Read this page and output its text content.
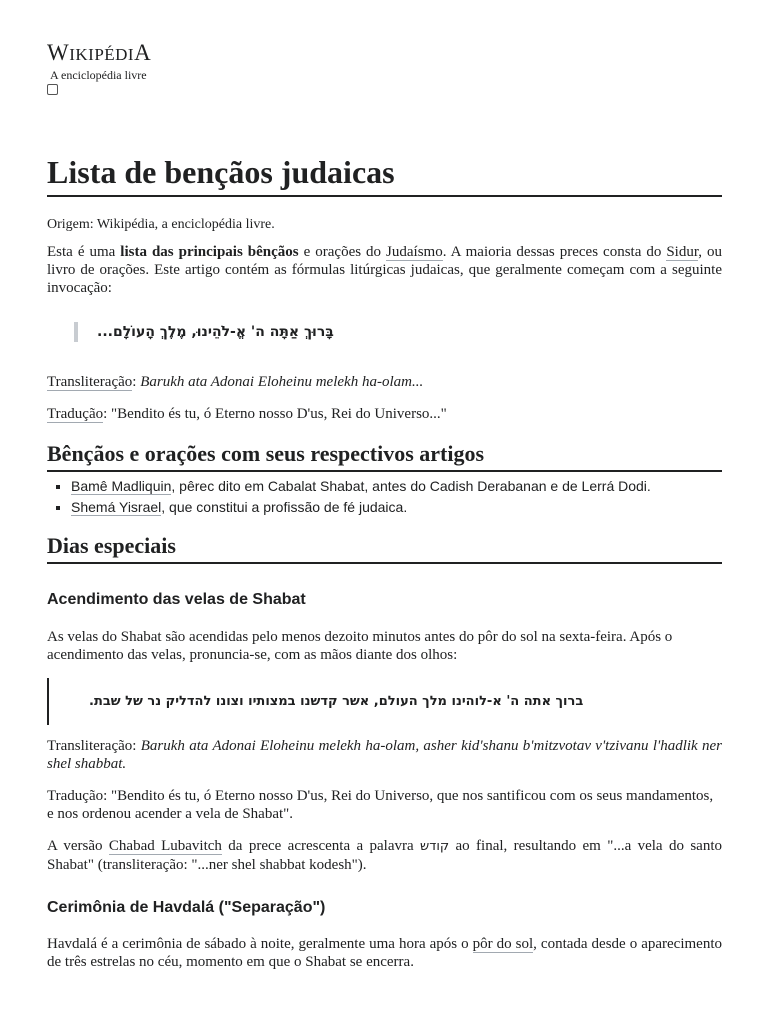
WIKIPÉDIA
A enciclopédia livre
Lista de bençãos judaicas

Origem: Wikipédia, a enciclopédia livre.

Esta é uma lista das principais bênçãos e orações do Judaísmo. A maioria dessas preces consta do Sidur, ou livro de orações. Este artigo contém as fórmulas litúrgicas judaicas, que geralmente começam com a seguinte invocação:

...בָּרוּךְ אַתָּה ה' אֱ-לֹהֵינוּ, מֶלֶךְ הָעוֹלָם

Transliteração: Barukh ata Adonai Eloheinu melekh ha-olam...

Tradução: "Bendito és tu, ó Eterno nosso D'us, Rei do Universo..."

Bênçãos e orações com seus respectivos artigos
▪ Bamê Madliquin, pêrec dito em Cabalat Shabat, antes do Cadish Derabanan e de Lerrá Dodi.
▪ Shemá Yisrael, que constitui a profissão de fé judaica.
Dias especiais
Acendimento das velas de Shabat

As velas do Shabat são acendidas pelo menos dezoito minutos antes do pôr do sol na sexta-feira. Após o acendimento das velas, pronuncia-se, com as mãos diante dos olhos:

ברוך אתה ה' א-לוהינו מלך העולם, אשר קדשנו במצותיו וצונו להדליק נר של שבת.

Transliteração: Barukh ata Adonai Eloheinu melekh ha-olam, asher kid'shanu b'mitzvotav v'tzivanu l'hadlik ner shel shabbat.

Tradução: "Bendito és tu, ó Eterno nosso D'us, Rei do Universo, que nos santificou com os seus mandamentos, e nos ordenou acender a vela de Shabat".

A versão Chabad Lubavitch da prece acrescenta a palavra קודש ao final, resultando em "...a vela do santo Shabat" (transliteração: "...ner shel shabbat kodesh").

Cerimônia de Havdalá ("Separação")

Havdalá é a cerimônia de sábado à noite, geralmente uma hora após o pôr do sol, contada desde o aparecimento de três estrelas no céu, momento em que o Shabat se encerra.
